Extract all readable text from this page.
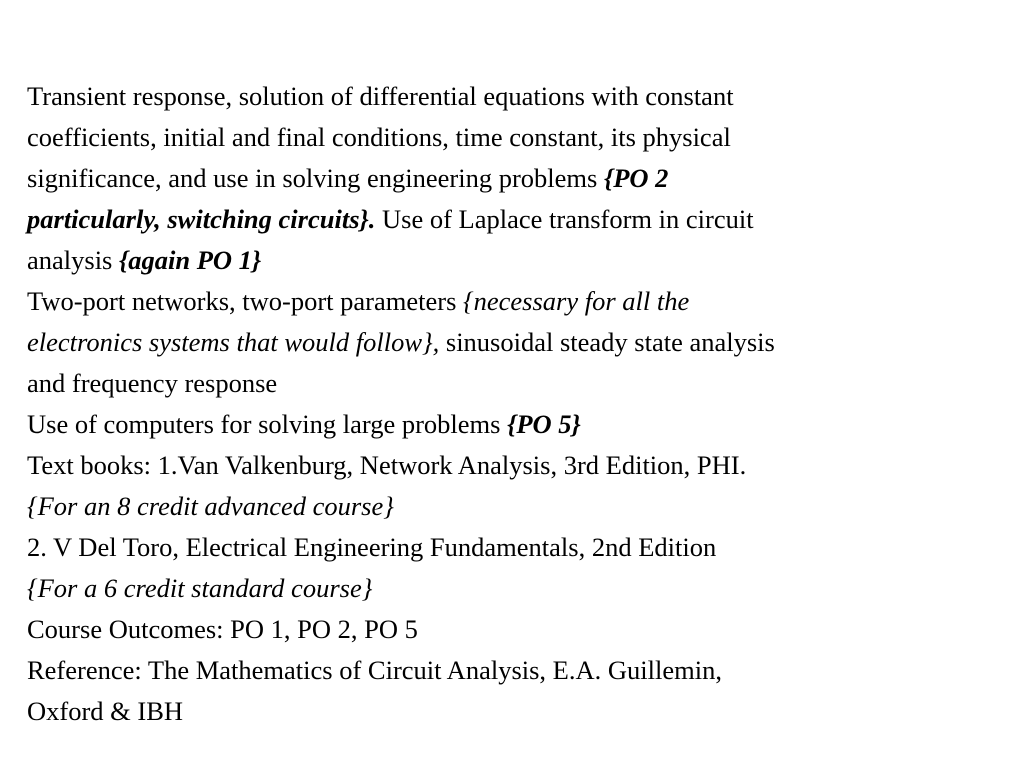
Transient response, solution of differential equations with constant
coefficients, initial and final conditions, time constant, its physical
significance, and use in solving engineering problems {PO 2
particularly, switching circuits}. Use of Laplace transform in circuit
analysis {again PO 1}
Two-port networks, two-port parameters {necessary for all the
electronics systems that would follow}, sinusoidal steady state analysis
and frequency response
Use of computers for solving large problems {PO 5}
Text books: 1.Van Valkenburg, Network Analysis, 3rd Edition, PHI.
{For an 8 credit advanced course}
2. V Del Toro, Electrical Engineering Fundamentals, 2nd Edition
{For a 6 credit standard course}
Course Outcomes: PO 1, PO 2, PO 5
Reference: The Mathematics of Circuit Analysis, E.A. Guillemin,
Oxford & IBH
